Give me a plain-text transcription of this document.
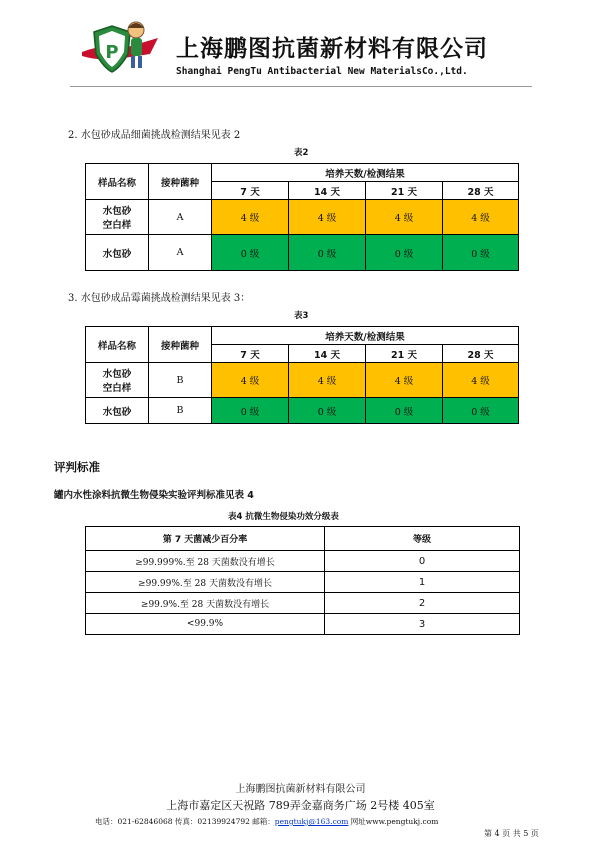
P 上海鹏图抗菌新材料有限公司
Shanghai PengTu Antibacterial New MaterialsCo.,Ltd.
2. 水包砂成品细菌挑战检测结果见表 2
表2
样品名称	接种菌种	培养天数/检测结果			
		7 天	14 天	21 天	28 天

水包砂
空白样	A	4 级	4 级	4 级	4 级
水包砂	A	0 级	0 级	0 级	0 级
3. 水包砂成品霉菌挑战检测结果见表 3：
表3
样品名称	接种菌种	培养天数/检测结果			
		7 天	14 天	21 天	28 天

水包砂
空白样	B	4 级	4 级	4 级	4 级
水包砂	B	0 级	0 级	0 级	0 级
评判标准
罐内水性涂料抗微生物侵染实验评判标准见表 4
表4 抗微生物侵染功效分级表
第 7 天菌减少百分率	等级
≥99.999%.至 28 天菌数没有增长	0
≥99.99%.至 28 天菌数没有增长	1
≥99.9%.至 28 天菌数没有增长	2
<99.9%	3
上海鹏图抗菌新材料有限公司
上海市嘉定区天祝路 789弄金嘉商务广场 2号楼 405室
电话：021-62846068 传真：02139924792 邮箱：pengtukj@163.com 网址www.pengtukj.com
第 4 页 共 5 页
